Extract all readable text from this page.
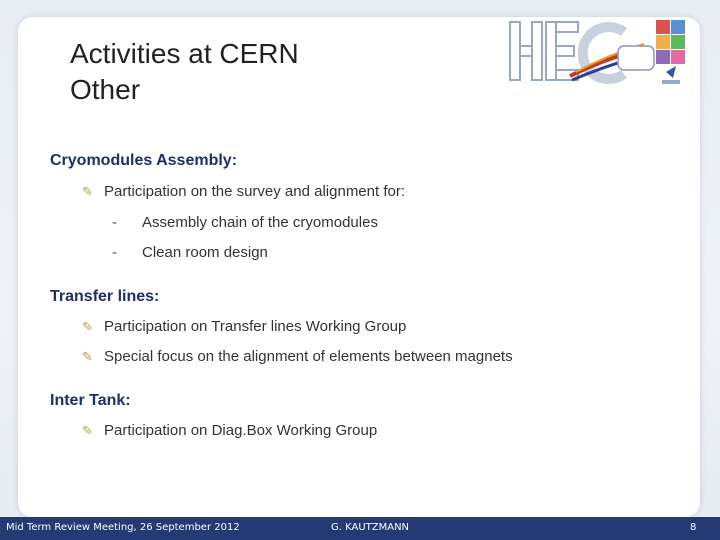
Activities at CERN
Other
Cryomodules Assembly:
✎ Participation on the survey and alignment for:
- Assembly chain of the cryomodules
- Clean room design
Transfer lines:
✎ Participation on Transfer lines Working Group
✎ Special focus on the alignment of elements between magnets
Inter Tank:
✎ Participation on Diag.Box Working Group
Mid Term Review Meeting, 26 September 2012	G. KAUTZMANN	8
